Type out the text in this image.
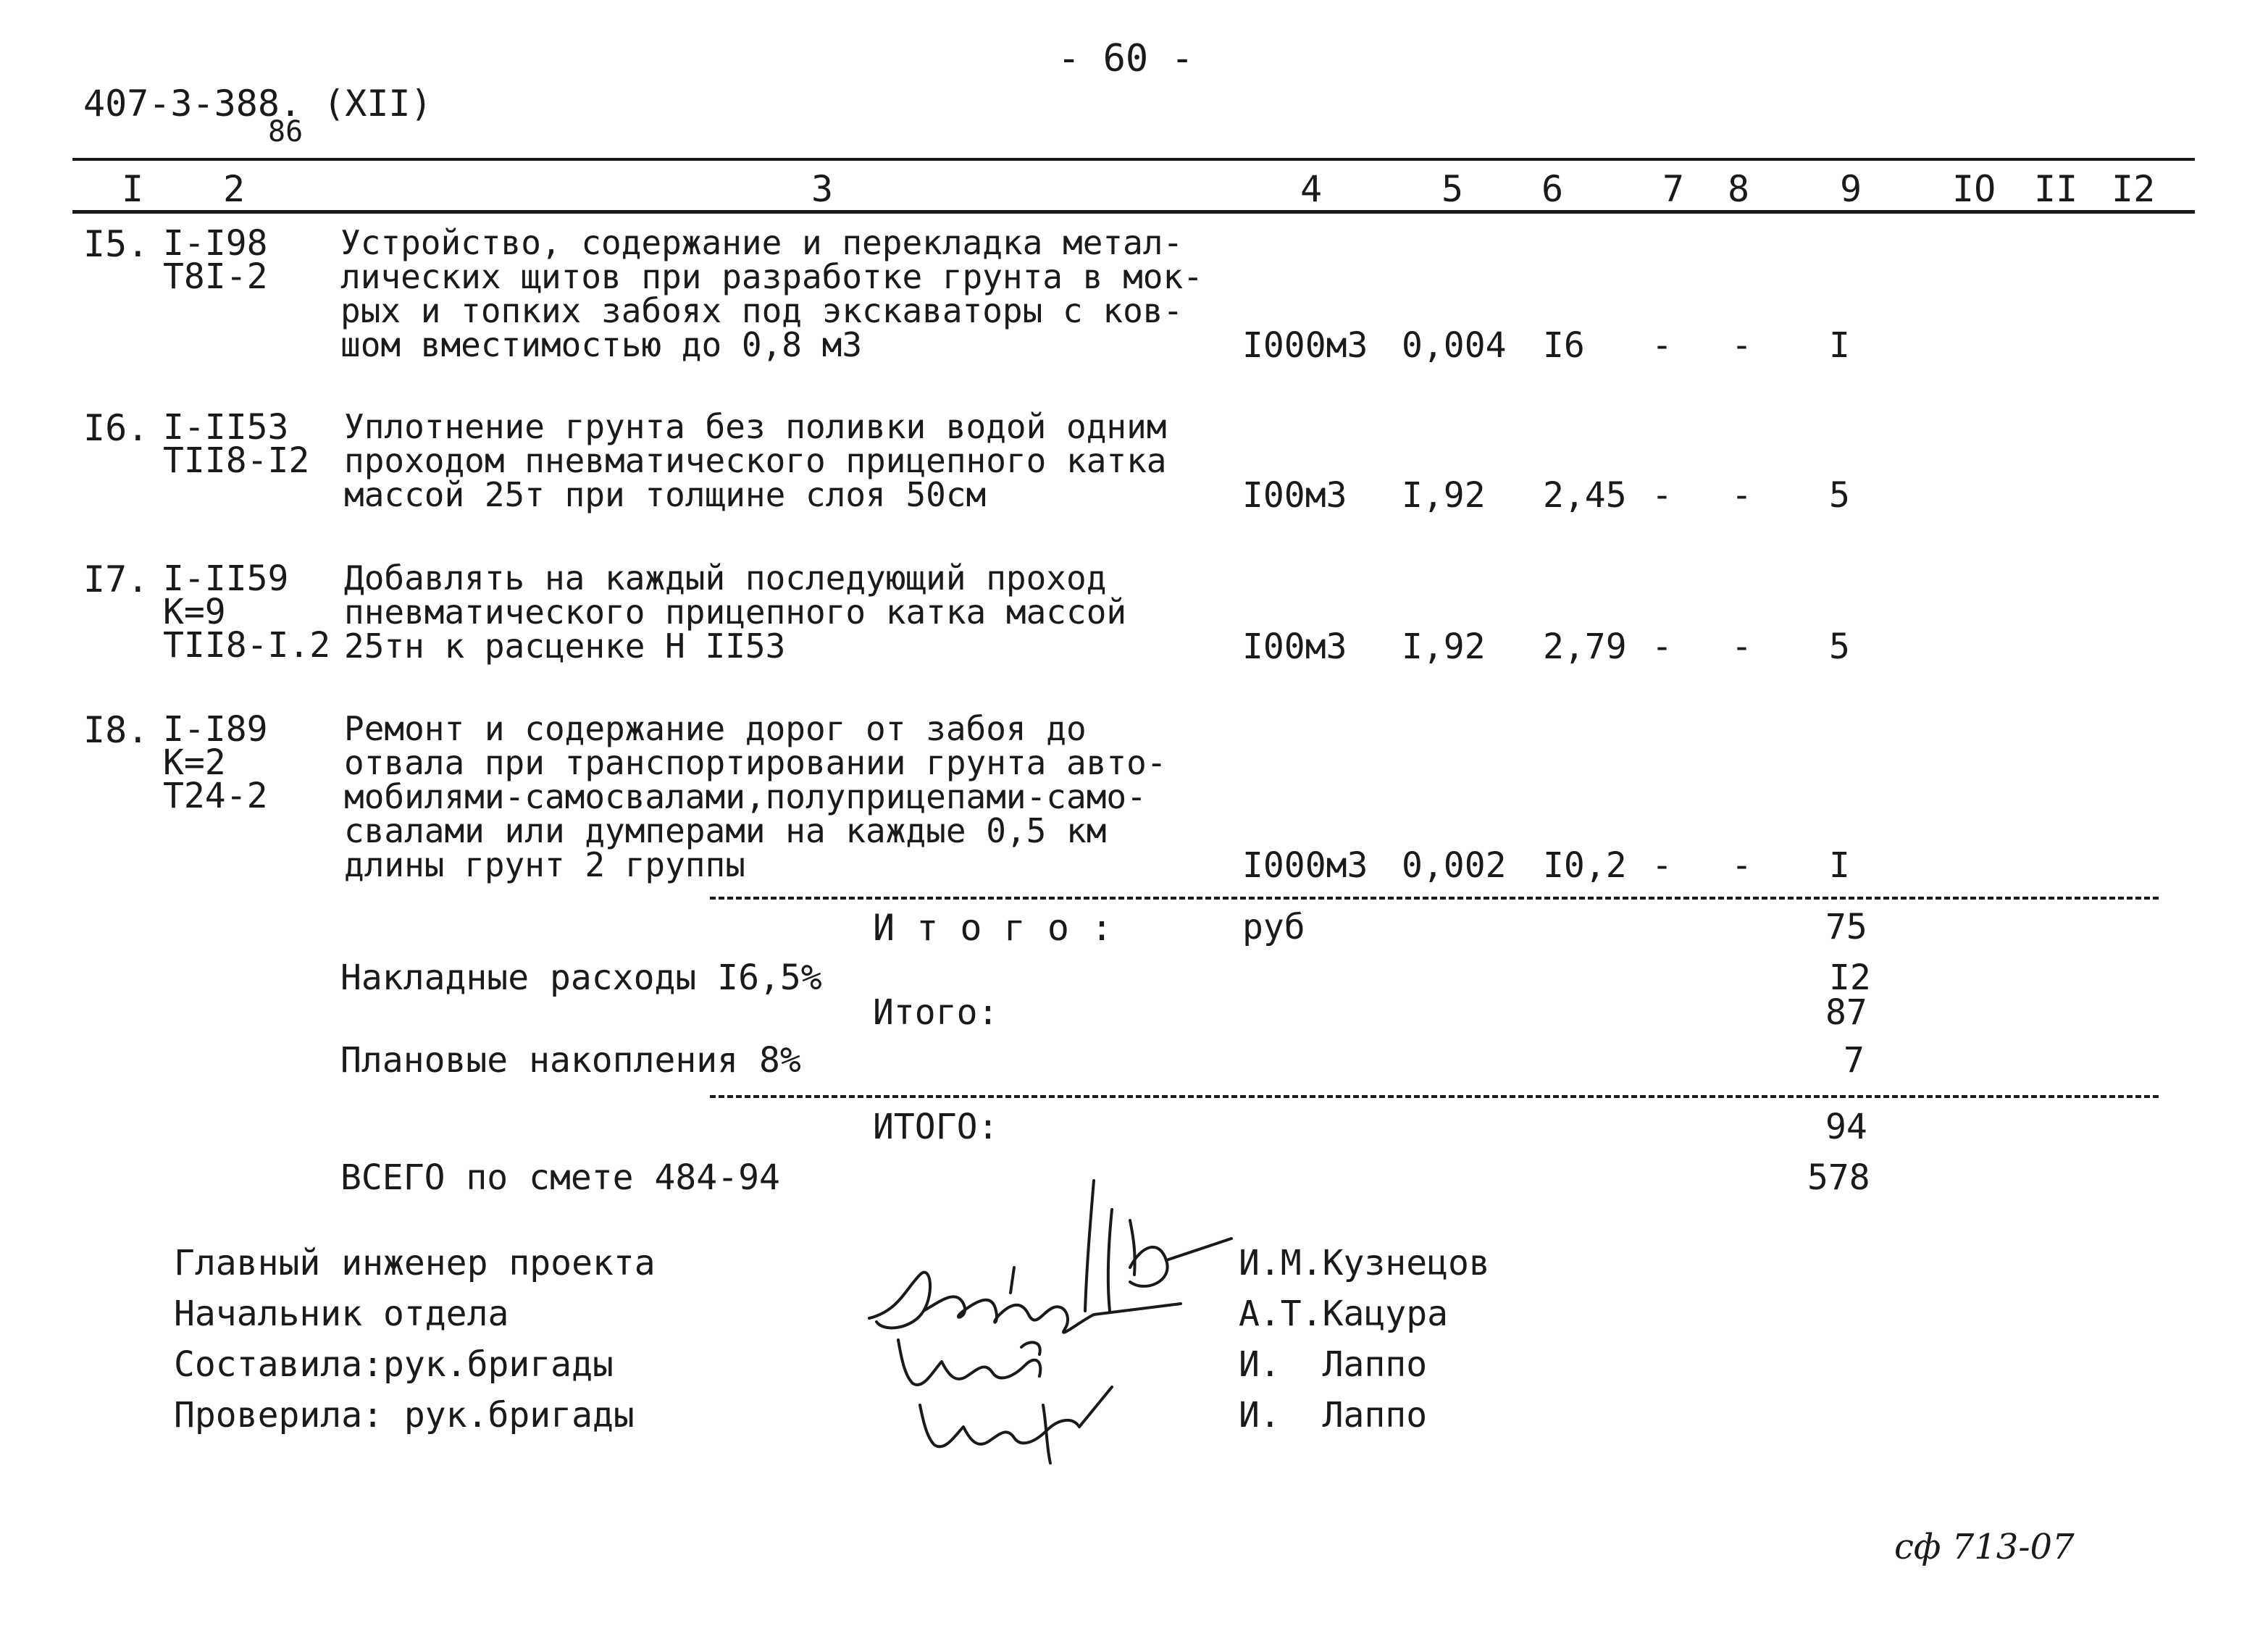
- 60 -
407-3-388. (XII)
86
I 2	3	4	5 6	7 8 9 IO II I2
I5. I-I98
T8I-2
Устройство, содержание и перекладка метал-
лических щитов при разработке грунта в мок-
рых и топких забоях под экскаваторы с ков-
шом вместимостью до 0,8 м3	I000м3 0,004 I6 - - I
I6. I-II53
TII8-I2
Уплотнение грунта без поливки водой одним
проходом пневматического прицепного катка
массой 25т при толщине слоя 50см	I00м3 I,92 2,45 - - 5
I7. I-II59
К=9
TII8-I.2
Добавлять на каждый последующий проход
пневматического прицепного катка массой
25тн к расценке Н II53	I00м3 I,92 2,79 - - 5
I8. I-I89
К=2
T24-2
Ремонт и содержание дорог от забоя до
отвала при транспортировании грунта авто-
мобилями-самосвалами,полуприцепами-само-
свалами или думперами на каждые 0,5 км
длины грунт 2 группы	I000м3 0,002 I0,2 - - I
И т о г о :	руб	75
Накладные расходы I6,5%	I2
Итого:	87
Плановые накопления 8%	7
ИТОГО:	94
ВСЕГО по смете 484-94	578
Главный инженер проекта
Начальник отдела
Составила:рук.бригады
Проверила: рук.бригады
И.М.Кузнецов
А.Т.Кацура
И.  Лаппо
И.  Лаппо
сф 713-07
